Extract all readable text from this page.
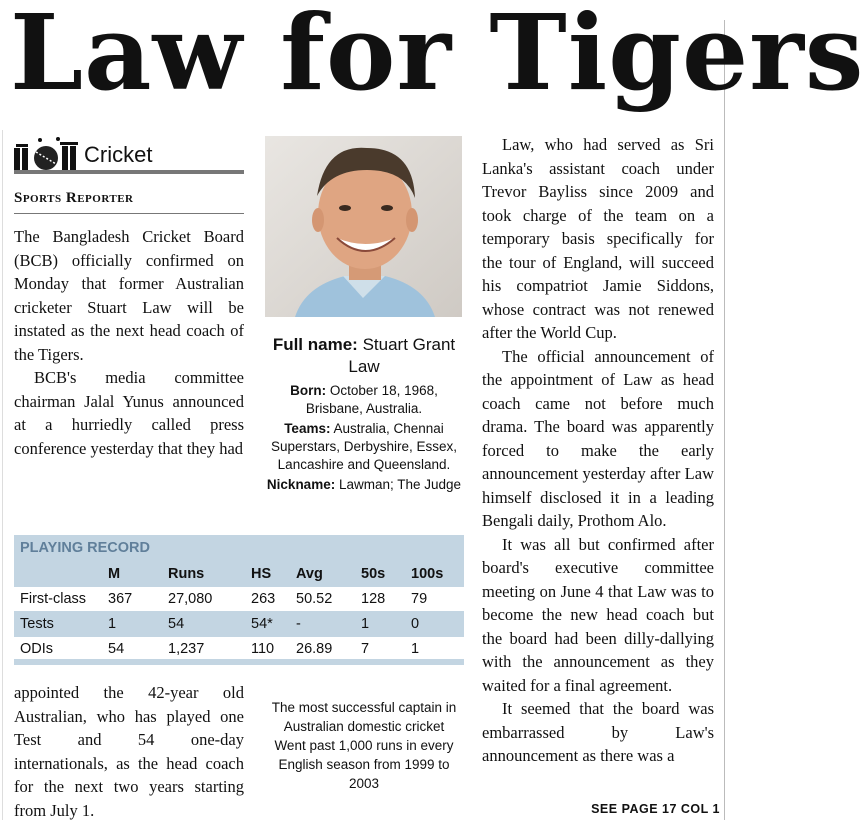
Law for Tigers
Cricket
Sports Reporter

The Bangladesh Cricket Board (BCB) officially confirmed on Monday that former Australian cricketer Stuart Law will be instated as the next head coach of the Tigers.

BCB's media committee chairman Jalal Yunus announced at a hurriedly called press conference yesterday that they had

Full name: Stuart Grant Law
Born: October 18, 1968, Brisbane, Australia.
Teams: Australia, Chennai Superstars, Derbyshire, Essex, Lancashire and Queensland.
Nickname: Lawman; The Judge
PLAYING RECORD
	M	Runs	HS	Avg	50s	100s
First-class	367	27,080	263	50.52	128	79
Tests	1	54	54*	-	1	0
ODIs	54	1,237	110	26.89	7	1

appointed the 42-year old Australian, who has played one Test and 54 one-day internationals, as the head coach for the next two years starting from July 1.

The most successful captain in Australian domestic cricket

Went past 1,000 runs in every English season from 1999 to 2003

Law, who had served as Sri Lanka's assistant coach under Trevor Bayliss since 2009 and took charge of the team on a temporary basis specifically for the tour of England, will succeed his compatriot Jamie Siddons, whose contract was not renewed after the World Cup.

The official announcement of the appointment of Law as head coach came not before much drama. The board was apparently forced to make the early announcement yesterday after Law himself disclosed it in a leading Bengali daily, Prothom Alo.

It was all but confirmed after board's executive committee meeting on June 4 that Law was to become the new head coach but the board had been dilly-dallying with the announcement as they waited for a final agreement.

It seemed that the board was embarrassed by Law's announcement as there was a

SEE PAGE 17 COL 1
